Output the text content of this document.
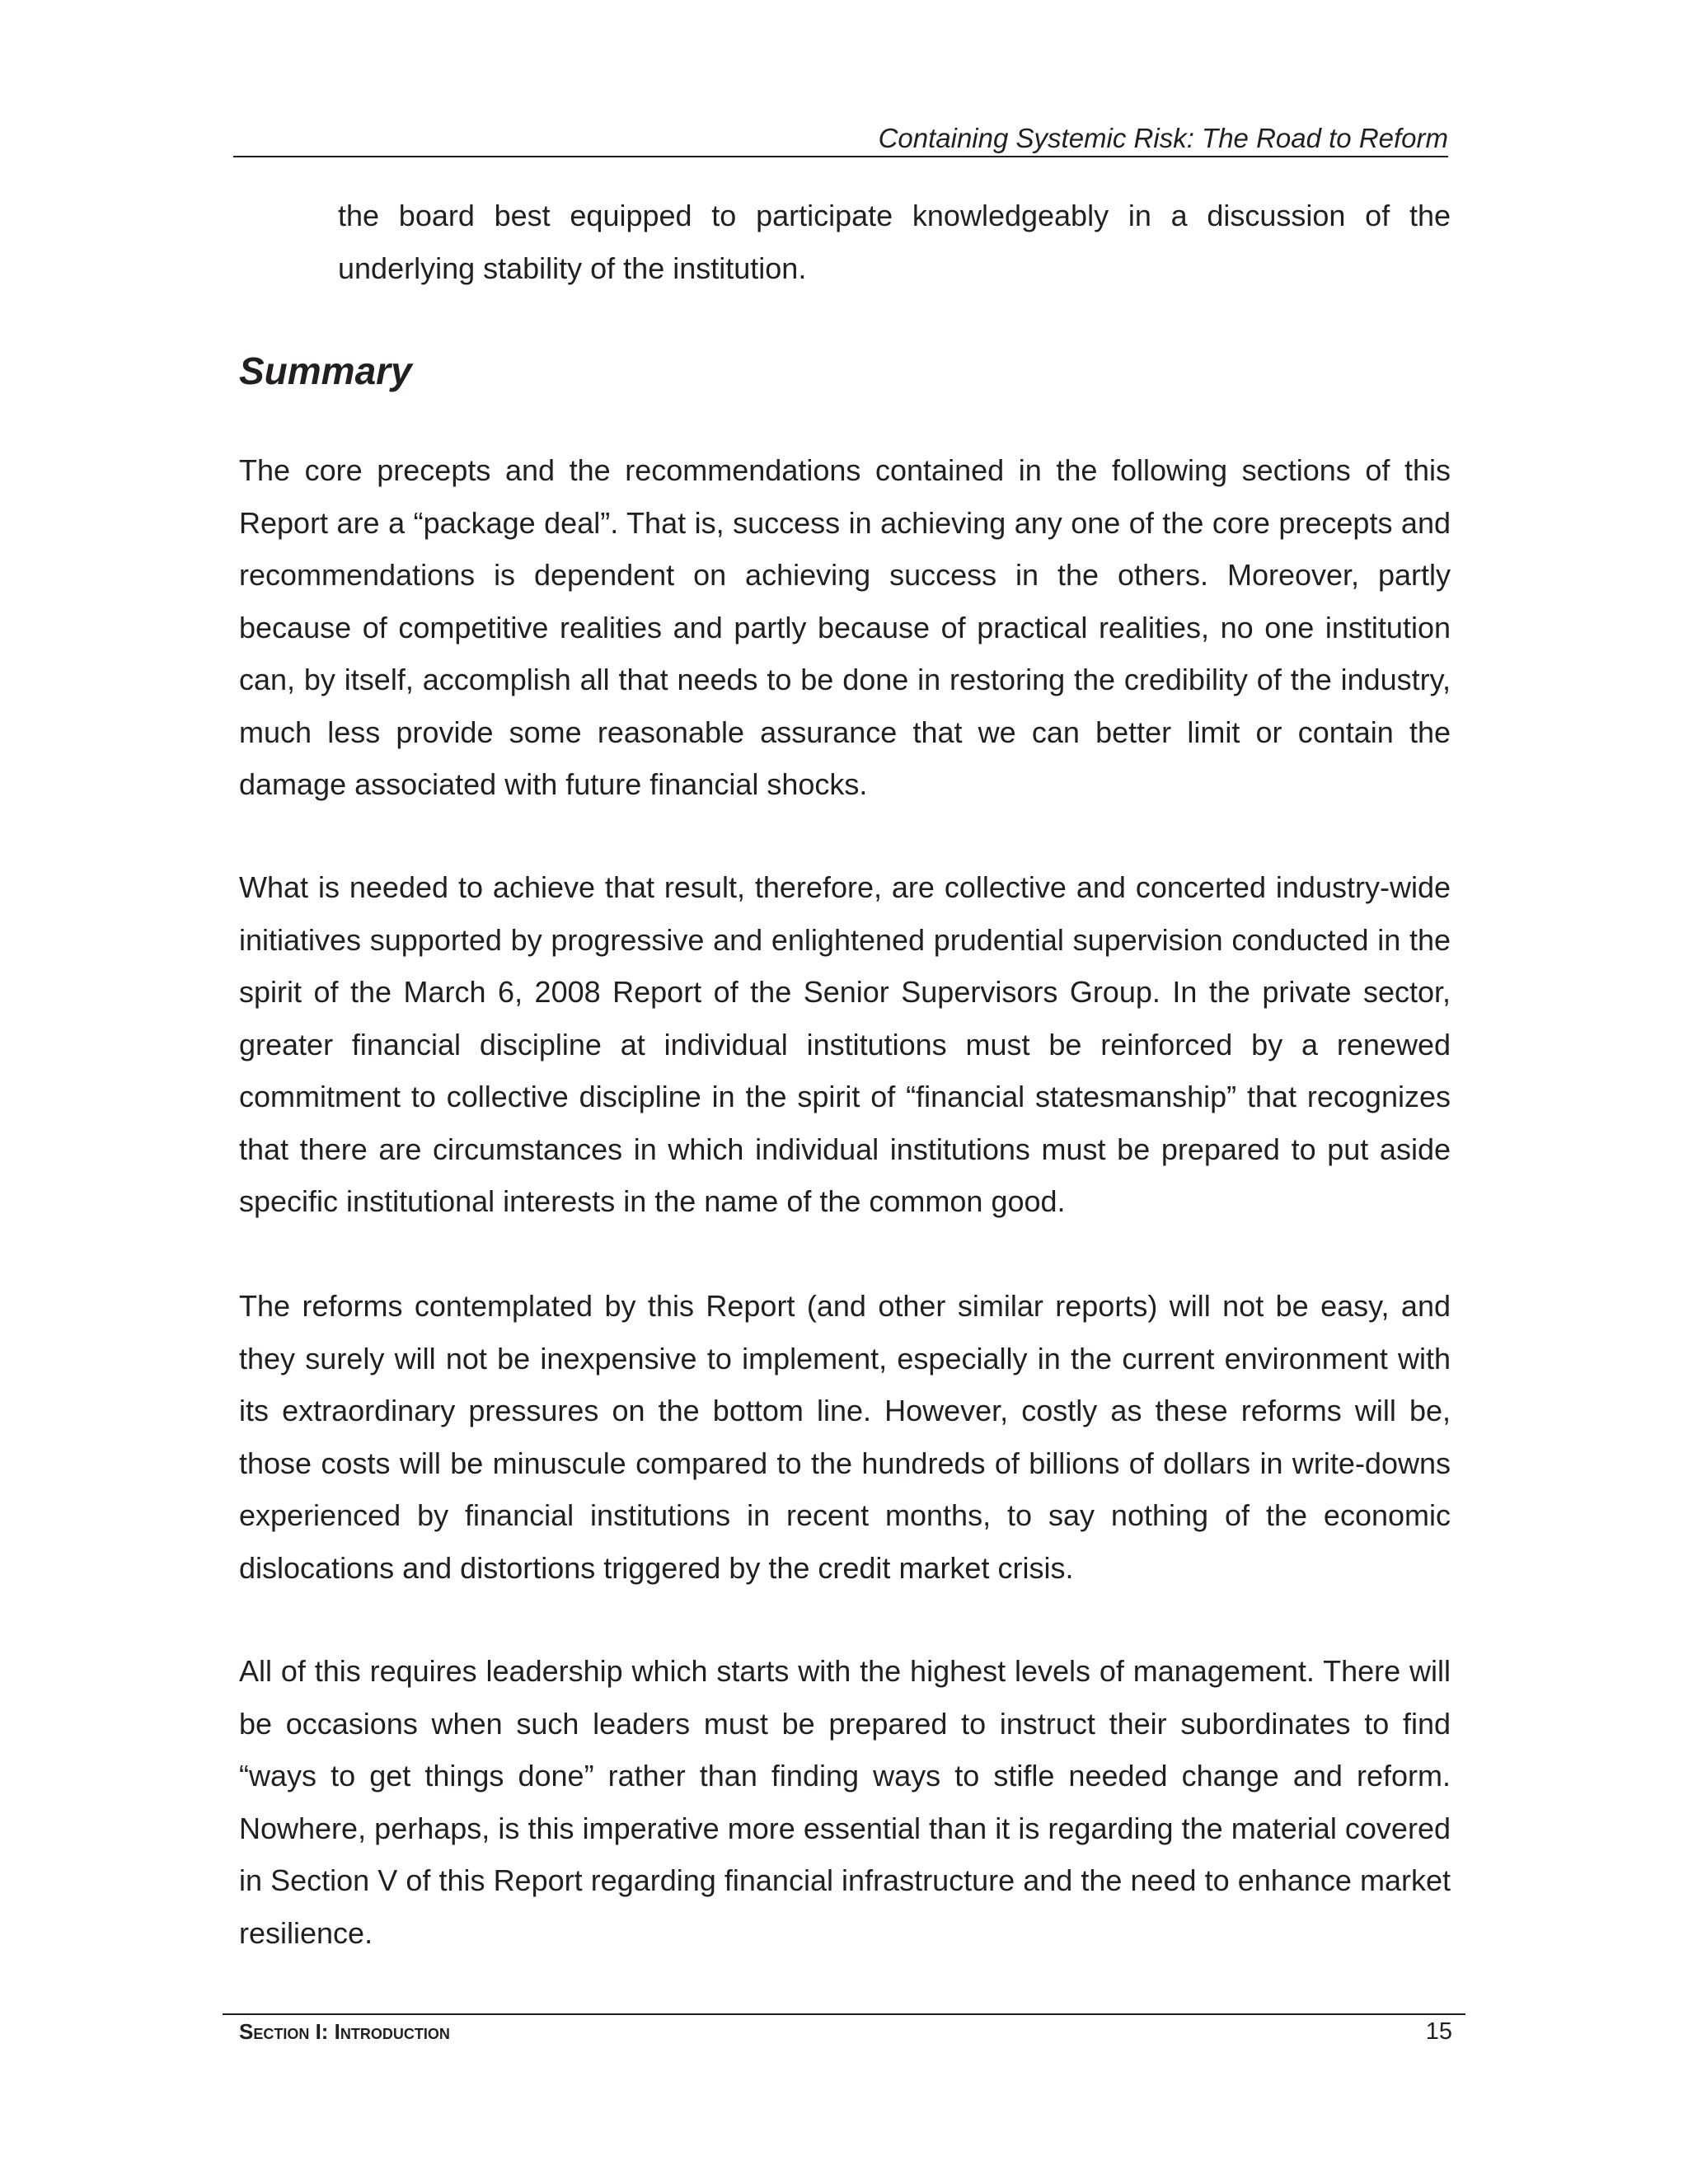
Containing Systemic Risk: The Road to Reform

the board best equipped to participate knowledgeably in a discussion of the underlying stability of the institution.

Summary

The core precepts and the recommendations contained in the following sections of this Report are a “package deal”. That is, success in achieving any one of the core precepts and recommendations is dependent on achieving success in the others. Moreover, partly because of competitive realities and partly because of practical realities, no one institution can, by itself, accomplish all that needs to be done in restoring the credibility of the industry, much less provide some reasonable assurance that we can better limit or contain the damage associated with future financial shocks.

What is needed to achieve that result, therefore, are collective and concerted industry-wide initiatives supported by progressive and enlightened prudential supervision conducted in the spirit of the March 6, 2008 Report of the Senior Supervisors Group. In the private sector, greater financial discipline at individual institutions must be reinforced by a renewed commitment to collective discipline in the spirit of “financial statesmanship” that recognizes that there are circumstances in which individual institutions must be prepared to put aside specific institutional interests in the name of the common good.

The reforms contemplated by this Report (and other similar reports) will not be easy, and they surely will not be inexpensive to implement, especially in the current environment with its extraordinary pressures on the bottom line. However, costly as these reforms will be, those costs will be minuscule compared to the hundreds of billions of dollars in write-downs experienced by financial institutions in recent months, to say nothing of the economic dislocations and distortions triggered by the credit market crisis.

All of this requires leadership which starts with the highest levels of management. There will be occasions when such leaders must be prepared to instruct their subordinates to find “ways to get things done” rather than finding ways to stifle needed change and reform. Nowhere, perhaps, is this imperative more essential than it is regarding the material covered in Section V of this Report regarding financial infrastructure and the need to enhance market resilience.

Section I: Introduction	15
